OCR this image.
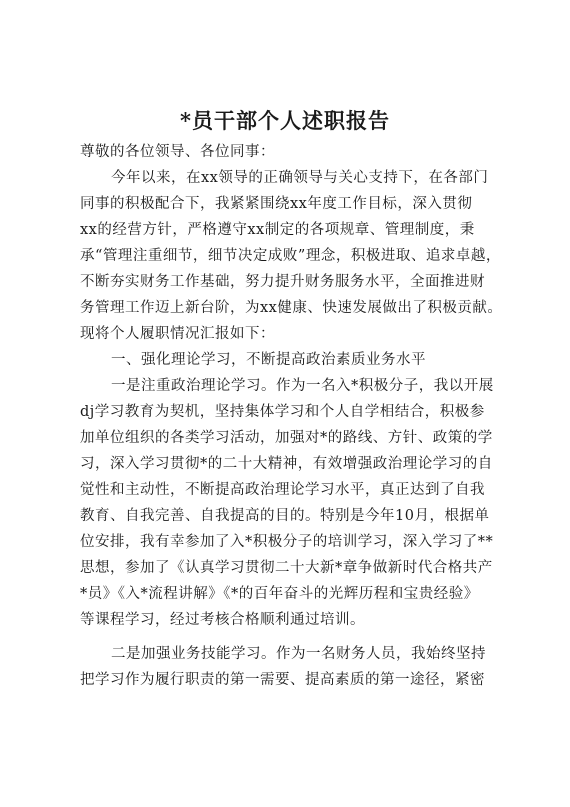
*员干部个人述职报告
尊敬的各位领导、各位同事：
今年以来，在xx领导的正确领导与关心支持下，在各部门
同事的积极配合下，我紧紧围绕xx年度工作目标，深入贯彻
xx的经营方针，严格遵守xx制定的各项规章、管理制度，秉
承“管理注重细节，细节决定成败”理念，积极进取、追求卓越，
不断夯实财务工作基础，努力提升财务服务水平，全面推进财
务管理工作迈上新台阶，为xx健康、快速发展做出了积极贡献。
现将个人履职情况汇报如下：
一、强化理论学习，不断提高政治素质业务水平
一是注重政治理论学习。作为一名入*积极分子，我以开展
dj学习教育为契机，坚持集体学习和个人自学相结合，积极参
加单位组织的各类学习活动，加强对*的路线、方针、政策的学
习，深入学习贯彻*的二十大精神，有效增强政治理论学习的自
觉性和主动性，不断提高政治理论学习水平，真正达到了自我
教育、自我完善、自我提高的目的。特别是今年10月，根据单
位安排，我有幸参加了入*积极分子的培训学习，深入学习了**
思想，参加了《认真学习贯彻二十大新*章争做新时代合格共产
*员》《入*流程讲解》《*的百年奋斗的光辉历程和宝贵经验》
等课程学习，经过考核合格顺利通过培训。
二是加强业务技能学习。作为一名财务人员，我始终坚持
把学习作为履行职责的第一需要、提高素质的第一途径，紧密
